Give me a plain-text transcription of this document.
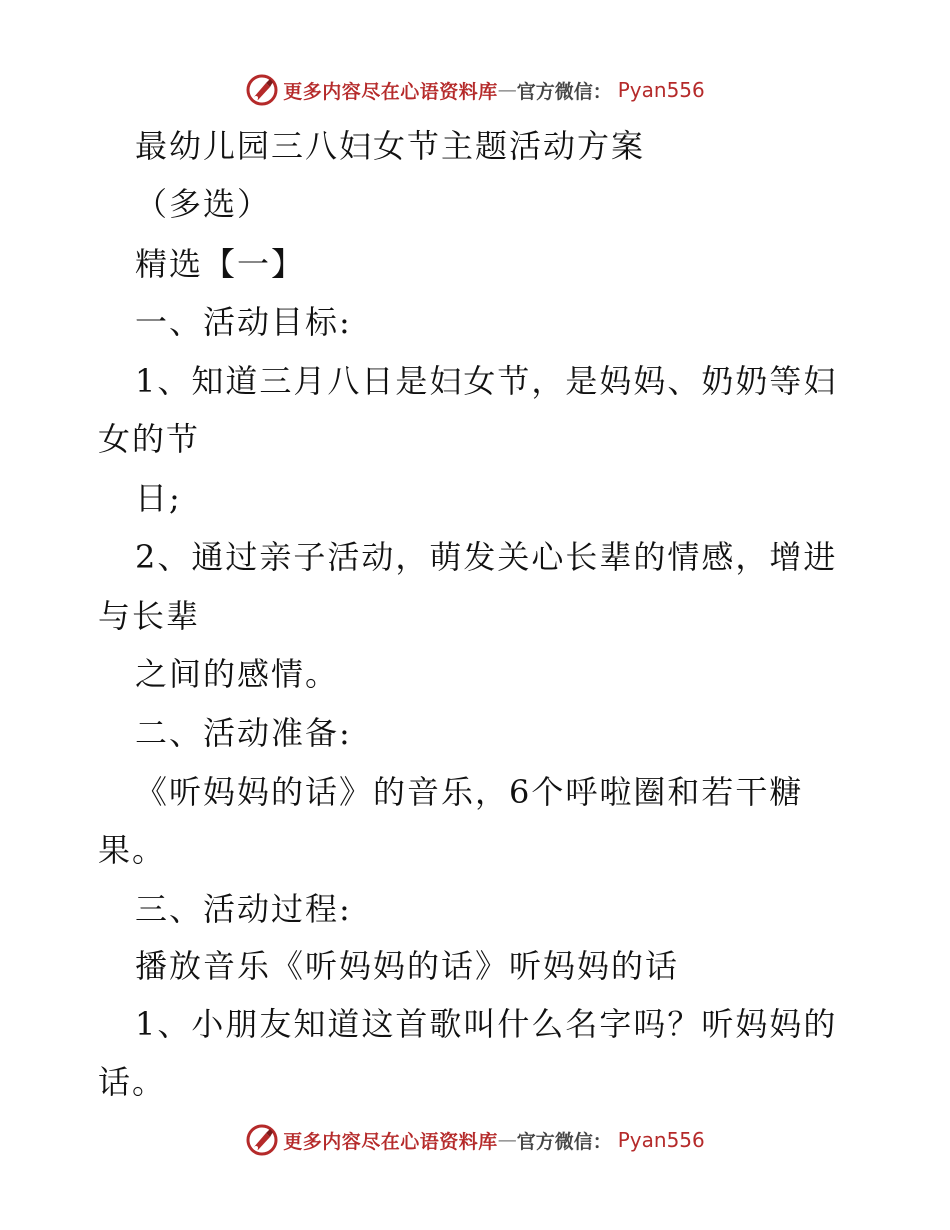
更多内容尽在心语资料库 — 官方微信： Pyan556
最幼儿园三八妇女节主题活动方案
（多选）
精选【一】
一、活动目标:
1、知道三月八日是妇女节，是妈妈、奶奶等妇
女的节
日;
2、通过亲子活动，萌发关心长辈的情感，增进
与长辈
之间的感情。
二、活动准备:
《听妈妈的话》的音乐，6个呼啦圈和若干糖
果。
三、活动过程:
播放音乐《听妈妈的话》听妈妈的话
1、小朋友知道这首歌叫什么名字吗？听妈妈的
话。
更多内容尽在心语资料库 — 官方微信： Pyan556
